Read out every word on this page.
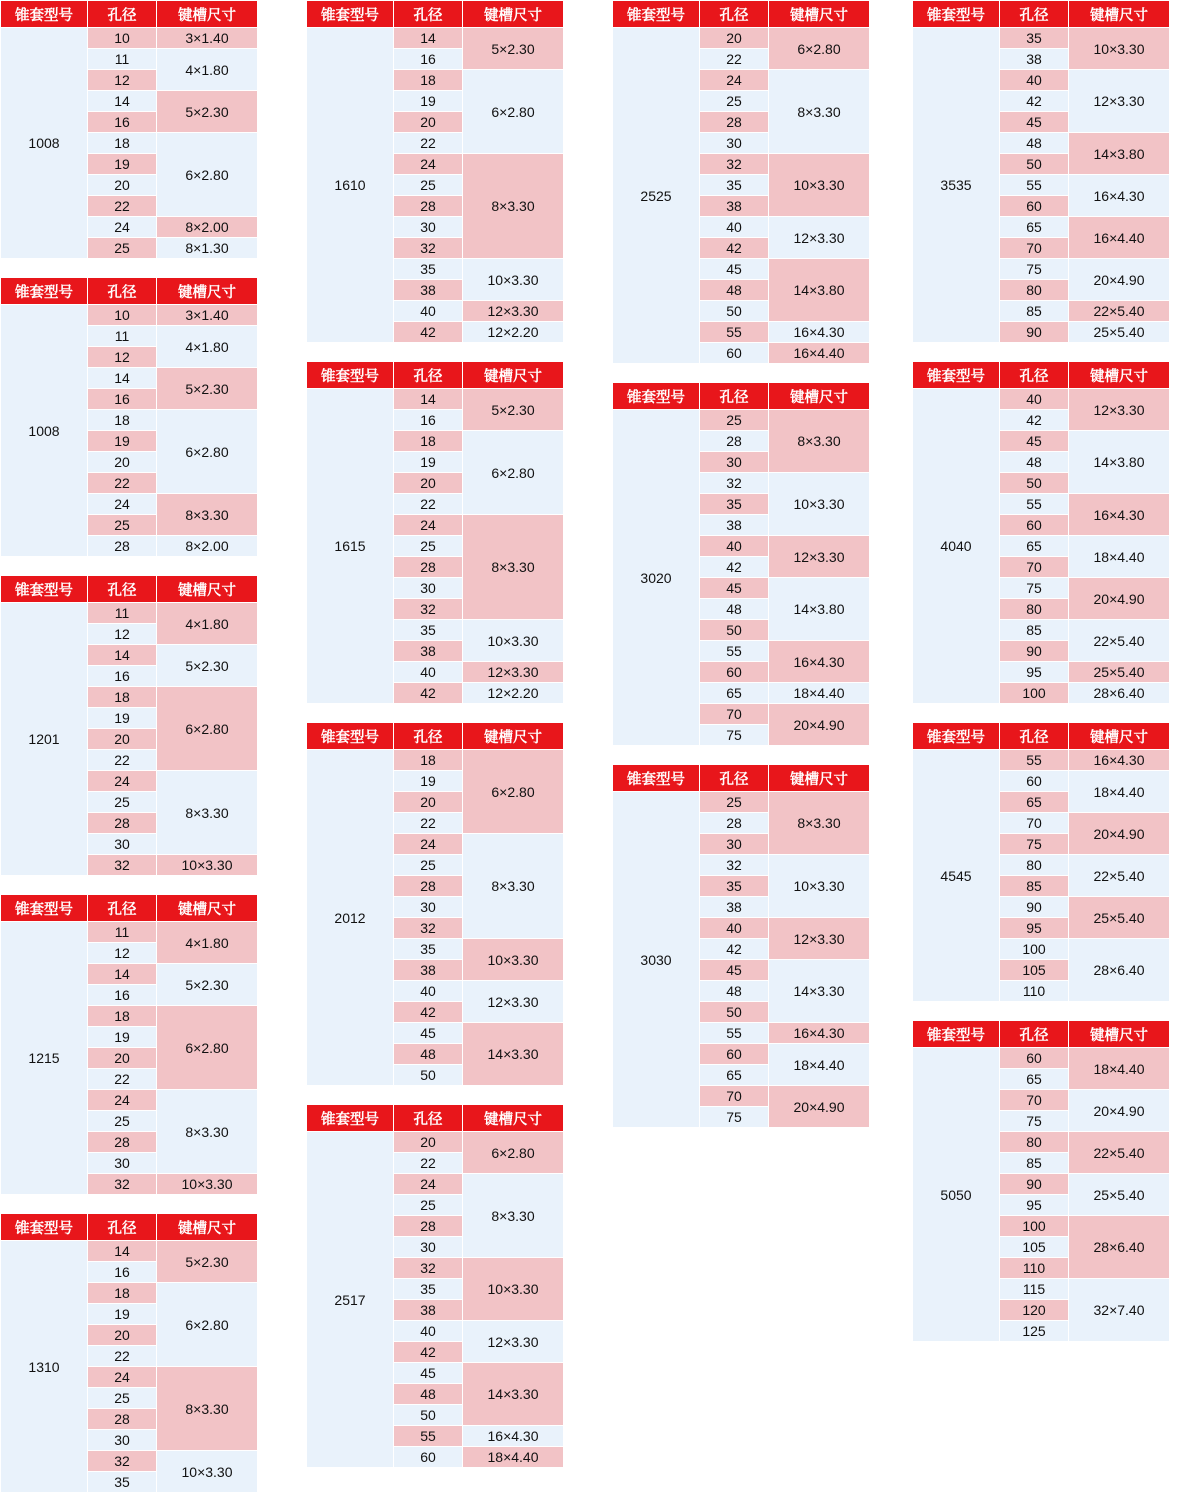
锥套型号	孔径	键槽尺寸
1008	10	3×1.40
	11	4×1.80
	12	
	14	5×2.30
	16	
	18	6×2.80
	19	
	20	
	22	
	24	8×2.00
	25	8×1.30
锥套型号	孔径	键槽尺寸
1008	10	3×1.40
	11	4×1.80
	12	
	14	5×2.30
	16	
	18	6×2.80
	19	
	20	
	22	
	24	8×3.30
	25	
	28	8×2.00
锥套型号	孔径	键槽尺寸
1201	11	4×1.80
	12	
	14	5×2.30
	16	
	18	6×2.80
	19	
	20	
	22	
	24	8×3.30
	25	
	28	
	30	
	32	10×3.30
锥套型号	孔径	键槽尺寸
1215	11	4×1.80
	12	
	14	5×2.30
	16	
	18	6×2.80
	19	
	20	
	22	
	24	8×3.30
	25	
	28	
	30	
	32	10×3.30
锥套型号	孔径	键槽尺寸
1310	14	5×2.30
	16	
	18	6×2.80
	19	
	20	
	22	
	24	8×3.30
	25	
	28	
	30	
	32	10×3.30
	35	
锥套型号	孔径	键槽尺寸
1610	14	5×2.30
	16	
	18	6×2.80
	19	
	20	
	22	
	24	8×3.30
	25	
	28	
	30	
	32	
	35	10×3.30
	38	
	40	12×3.30
	42	12×2.20
锥套型号	孔径	键槽尺寸
1615	14	5×2.30
	16	
	18	6×2.80
	19	
	20	
	22	
	24	8×3.30
	25	
	28	
	30	
	32	
	35	10×3.30
	38	
	40	12×3.30
	42	12×2.20
锥套型号	孔径	键槽尺寸
2012	18	6×2.80
	19	
	20	
	22	
	24	8×3.30
	25	
	28	
	30	
	32	
	35	10×3.30
	38	
	40	12×3.30
	42	
	45	14×3.30
	48	
	50	
锥套型号	孔径	键槽尺寸
2517	20	6×2.80
	22	
	24	8×3.30
	25	
	28	
	30	
	32	10×3.30
	35	
	38	
	40	12×3.30
	42	
	45	14×3.30
	48	
	50	
	55	16×4.30
	60	18×4.40
锥套型号	孔径	键槽尺寸
2525	20	6×2.80
	22	
	24	8×3.30
	25	
	28	
	30	
	32	10×3.30
	35	
	38	
	40	12×3.30
	42	
	45	14×3.80
	48	
	50	
	55	16×4.30
	60	16×4.40
锥套型号	孔径	键槽尺寸
3020	25	8×3.30
	28	
	30	
	32	10×3.30
	35	
	38	
	40	12×3.30
	42	
	45	14×3.80
	48	
	50	
	55	16×4.30
	60	
	65	18×4.40
	70	20×4.90
	75	
锥套型号	孔径	键槽尺寸
3030	25	8×3.30
	28	
	30	
	32	10×3.30
	35	
	38	
	40	12×3.30
	42	
	45	14×3.30
	48	
	50	
	55	16×4.30
	60	18×4.40
	65	
	70	20×4.90
	75	
锥套型号	孔径	键槽尺寸
3535	35	10×3.30
	38	
	40	12×3.30
	42	
	45	
	48	14×3.80
	50	
	55	16×4.30
	60	
	65	16×4.40
	70	
	75	20×4.90
	80	
	85	22×5.40
	90	25×5.40
锥套型号	孔径	键槽尺寸
4040	40	12×3.30
	42	
	45	14×3.80
	48	
	50	
	55	16×4.30
	60	
	65	18×4.40
	70	
	75	20×4.90
	80	
	85	22×5.40
	90	
	95	25×5.40
	100	28×6.40
锥套型号	孔径	键槽尺寸
4545	55	16×4.30
	60	18×4.40
	65	
	70	20×4.90
	75	
	80	22×5.40
	85	
	90	25×5.40
	95	
	100	28×6.40
	105	
	110	
锥套型号	孔径	键槽尺寸
5050	60	18×4.40
	65	
	70	20×4.90
	75	
	80	22×5.40
	85	
	90	25×5.40
	95	
	100	28×6.40
	105	
	110	
	115	32×7.40
	120	
	125	
